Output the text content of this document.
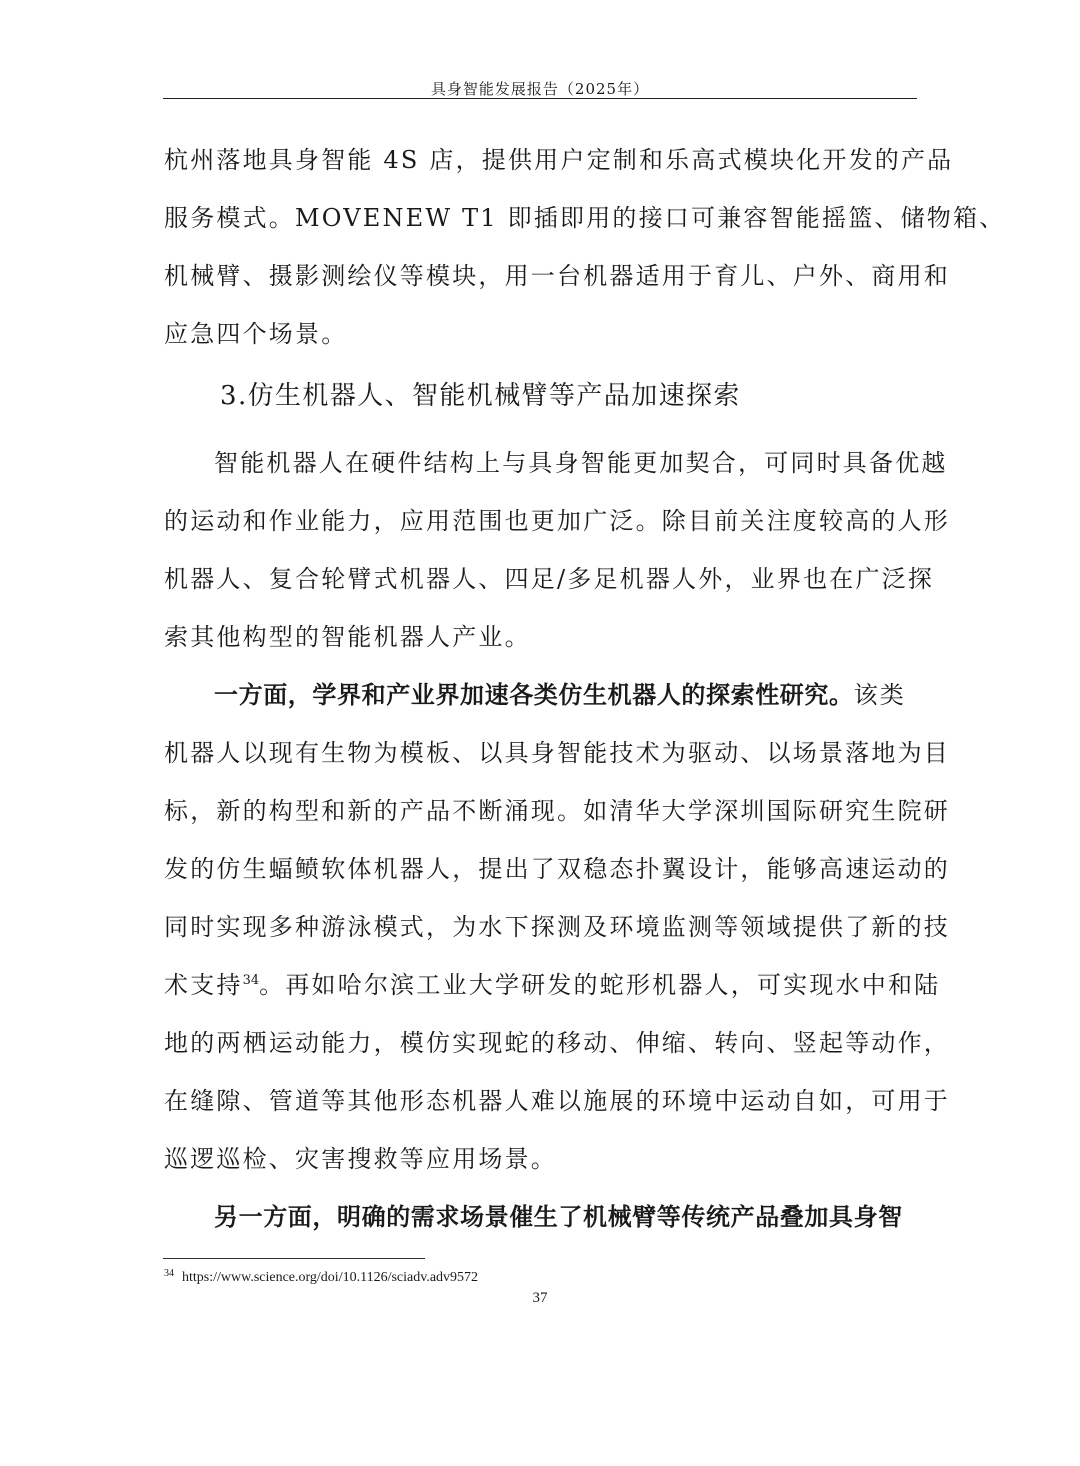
具身智能发展报告（2025年）
杭州落地具身智能 4S 店，提供用户定制和乐高式模块化开发的产品
服务模式。MOVENEW T1 即插即用的接口可兼容智能摇篮、储物箱、
机械臂、摄影测绘仪等模块，用一台机器适用于育儿、户外、商用和
应急四个场景。
3.仿生机器人、智能机械臂等产品加速探索
智能机器人在硬件结构上与具身智能更加契合，可同时具备优越
的运动和作业能力，应用范围也更加广泛。除目前关注度较高的人形
机器人、复合轮臂式机器人、四足/多足机器人外，业界也在广泛探
索其他构型的智能机器人产业。
一方面，学界和产业界加速各类仿生机器人的探索性研究。该类
机器人以现有生物为模板、以具身智能技术为驱动、以场景落地为目
标，新的构型和新的产品不断涌现。如清华大学深圳国际研究生院研
发的仿生蝠鲼软体机器人，提出了双稳态扑翼设计，能够高速运动的
同时实现多种游泳模式，为水下探测及环境监测等领域提供了新的技
术支持$^{34}$。再如哈尔滨工业大学研发的蛇形机器人，可实现水中和陆
地的两栖运动能力，模仿实现蛇的移动、伸缩、转向、竖起等动作，
在缝隙、管道等其他形态机器人难以施展的环境中运动自如，可用于
巡逻巡检、灾害搜救等应用场景。
另一方面，明确的需求场景催生了机械臂等传统产品叠加具身智
$^{34}$ https://www.science.org/doi/10.1126/sciadv.adv9572
37
